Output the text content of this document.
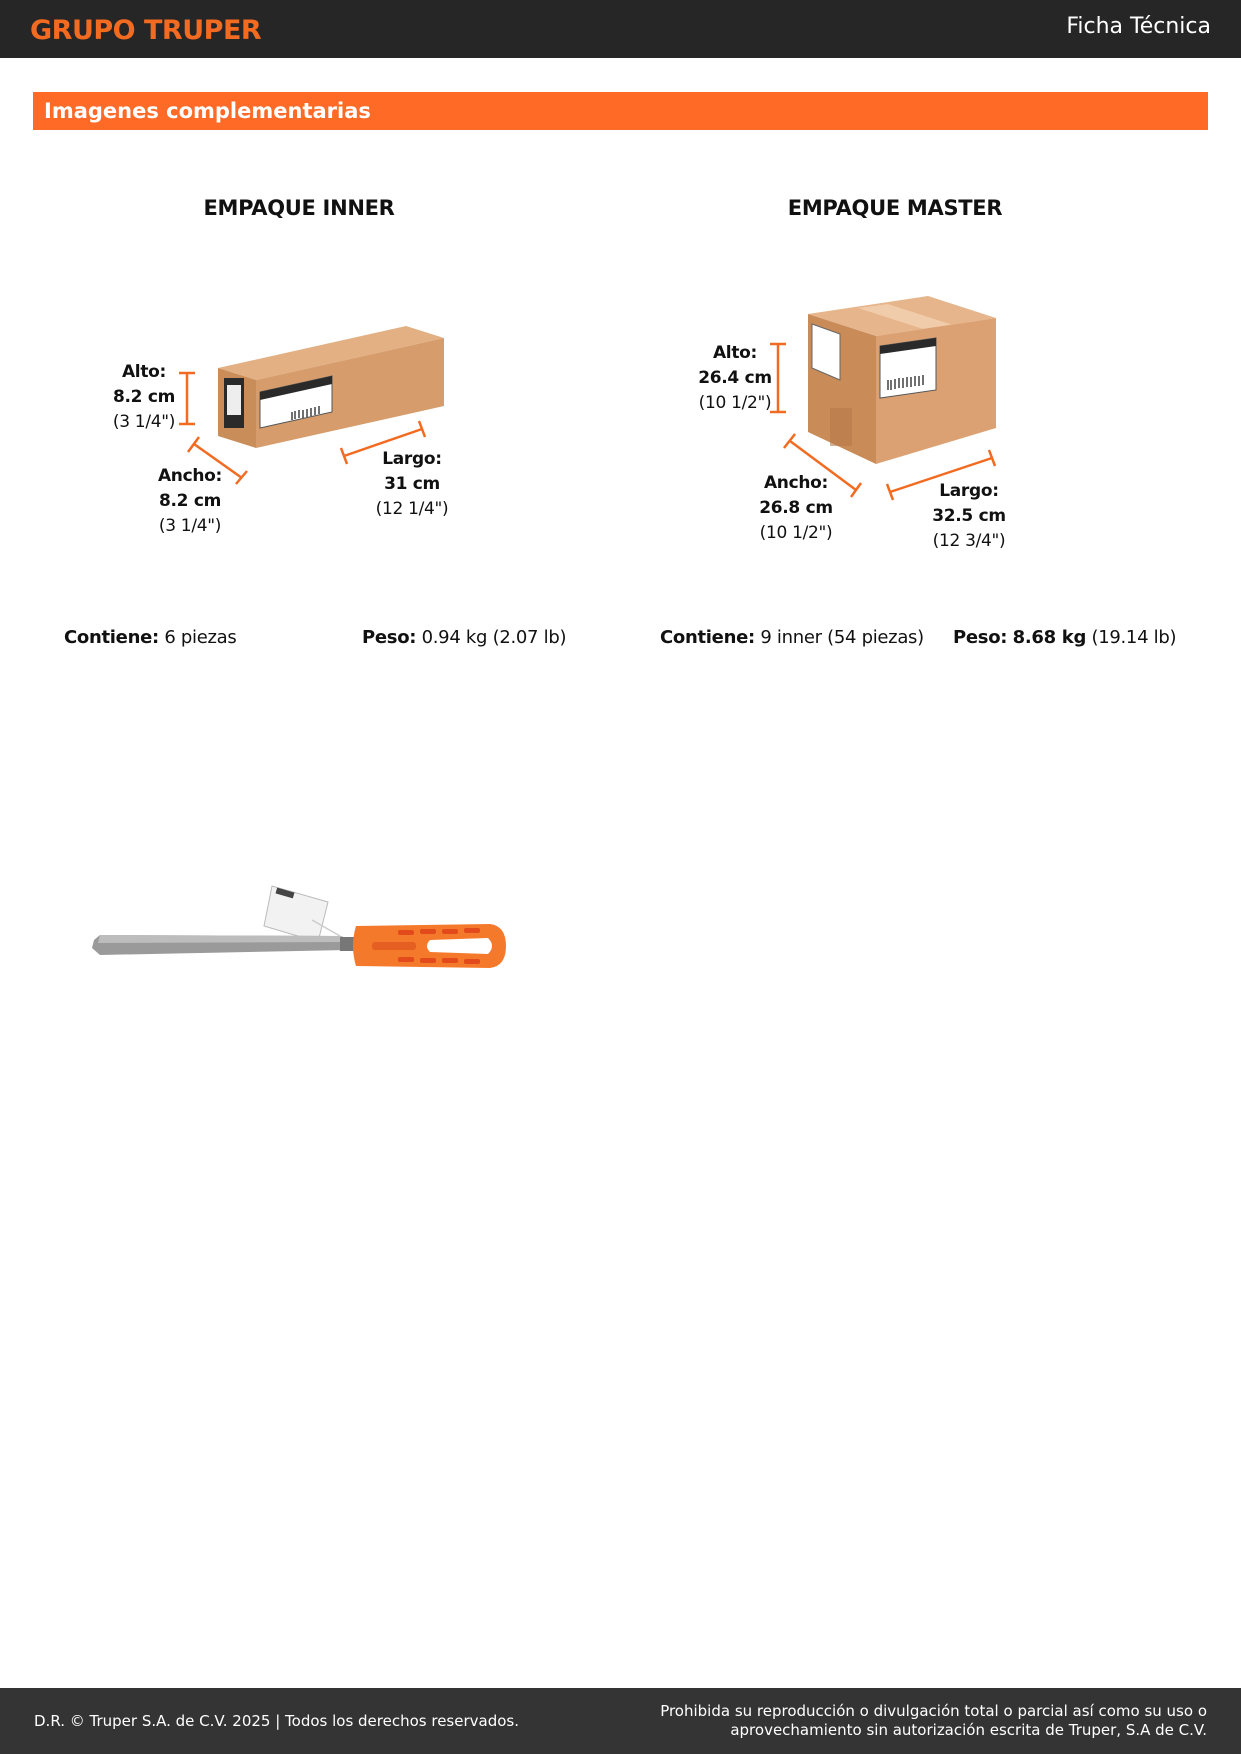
GRUPO TRUPER	Ficha Técnica
Imagenes complementarias
EMPAQUE INNER
Alto:
8.2 cm
(3 1/4")
Ancho:
8.2 cm
(3 1/4")
Largo:
31 cm
(12 1/4")
Contiene: 6 piezas	Peso: 0.94 kg (2.07 lb)
EMPAQUE MASTER
Alto:
26.4 cm
(10 1/2")
Ancho:
26.8 cm
(10 1/2")
Largo:
32.5 cm
(12 3/4")
Contiene: 9 inner (54 piezas) Peso: 8.68 kg (19.14 lb)
D.R. © Truper S.A. de C.V. 2025 | Todos los derechos reservados.
Prohibida su reproducción o divulgación total o parcial así como su uso o
aprovechamiento sin autorización escrita de Truper, S.A de C.V.
